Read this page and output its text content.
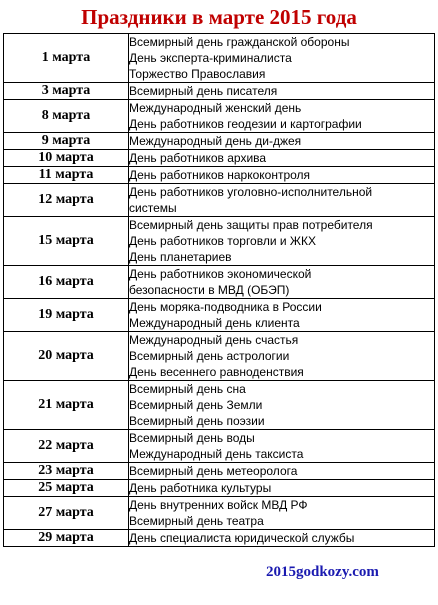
Праздники в марте 2015 года
1 марта	Всемирный день гражданской обороны
День эксперта-криминалиста
Торжество Православия

3 марта	Всемирный день писателя

8 марта	Международный женский день
День работников геодезии и картографии

9 марта	Международный день ди-джея

10 марта	День работников архива

11 марта	День работников наркоконтроля

12 марта	День работников уголовно-исполнительной
системы

15 марта	Всемирный день защиты прав потребителя
День работников торговли и ЖКХ
День планетариев

16 марта	День работников экономической
безопасности в МВД (ОБЭП)

19 марта	День моряка-подводника в России
Международный день клиента

20 марта	Международный день счастья
Всемирный день астрологии
День весеннего равноденствия

21 марта	Всемирный день сна
Всемирный день Земли
Всемирный день поэзии

22 марта	Всемирный день воды
Международный день таксиста

23 марта	Всемирный день метеоролога

25 марта	День работника культуры

27 марта	День внутренних войск МВД РФ
Всемирный день театра

29 марта	День специалиста юридической службы
2015godkozy.com
